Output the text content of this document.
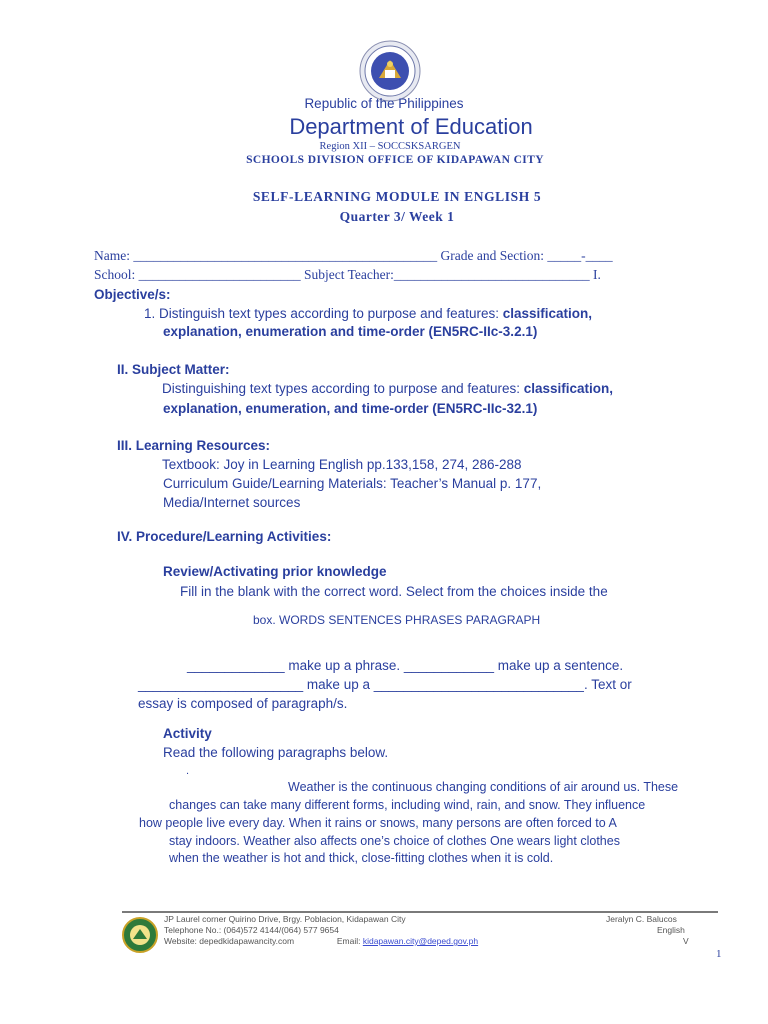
Republic of the Philippines
Department of Education
Region XII – SOCCSKSARGEN
SCHOOLS DIVISION OFFICE OF KIDAPAWAN CITY
SELF-LEARNING MODULE IN ENGLISH 5
Quarter 3/ Week 1
Name: _____________________________________________ Grade and Section: _____-____
School: ________________________ Subject Teacher:_____________________________ I.
Objective/s:
1. Distinguish text types according to purpose and features: classification,
explanation, enumeration and time-order (EN5RC-IIc-3.2.1)
II. Subject Matter:
Distinguishing text types according to purpose and features: classification,
explanation, enumeration, and time-order (EN5RC-IIc-32.1)
III. Learning Resources:
Textbook: Joy in Learning English pp.133,158, 274, 286-288
Curriculum Guide/Learning Materials: Teacher’s Manual p. 177,
Media/Internet sources
IV. Procedure/Learning Activities:
Review/Activating prior knowledge
Fill in the blank with the correct word. Select from the choices inside the
box. WORDS SENTENCES PHRASES PARAGRAPH
_____________ make up a phrase. ____________ make up a sentence.
______________________ make up a ____________________________. Text or
essay is composed of paragraph/s.
Activity
Read the following paragraphs below.
.
Weather is the continuous changing conditions of air around us. These
changes can take many different forms, including wind, rain, and snow. They influence
how people live every day. When it rains or snows, many persons are often forced to A
stay indoors. Weather also affects one’s choice of clothes One wears light clothes
when the weather is hot and thick, close-fitting clothes when it is cold.
JP Laurel corner Quirino Drive, Brgy. Poblacion, Kidapawan City
Telephone No.: (064)572 4144/(064) 577 9654
Website: depedkidapawancity.com	Email: kidapawan.city@deped.gov.ph
Jeralyn C. Balucos
English
V
1
